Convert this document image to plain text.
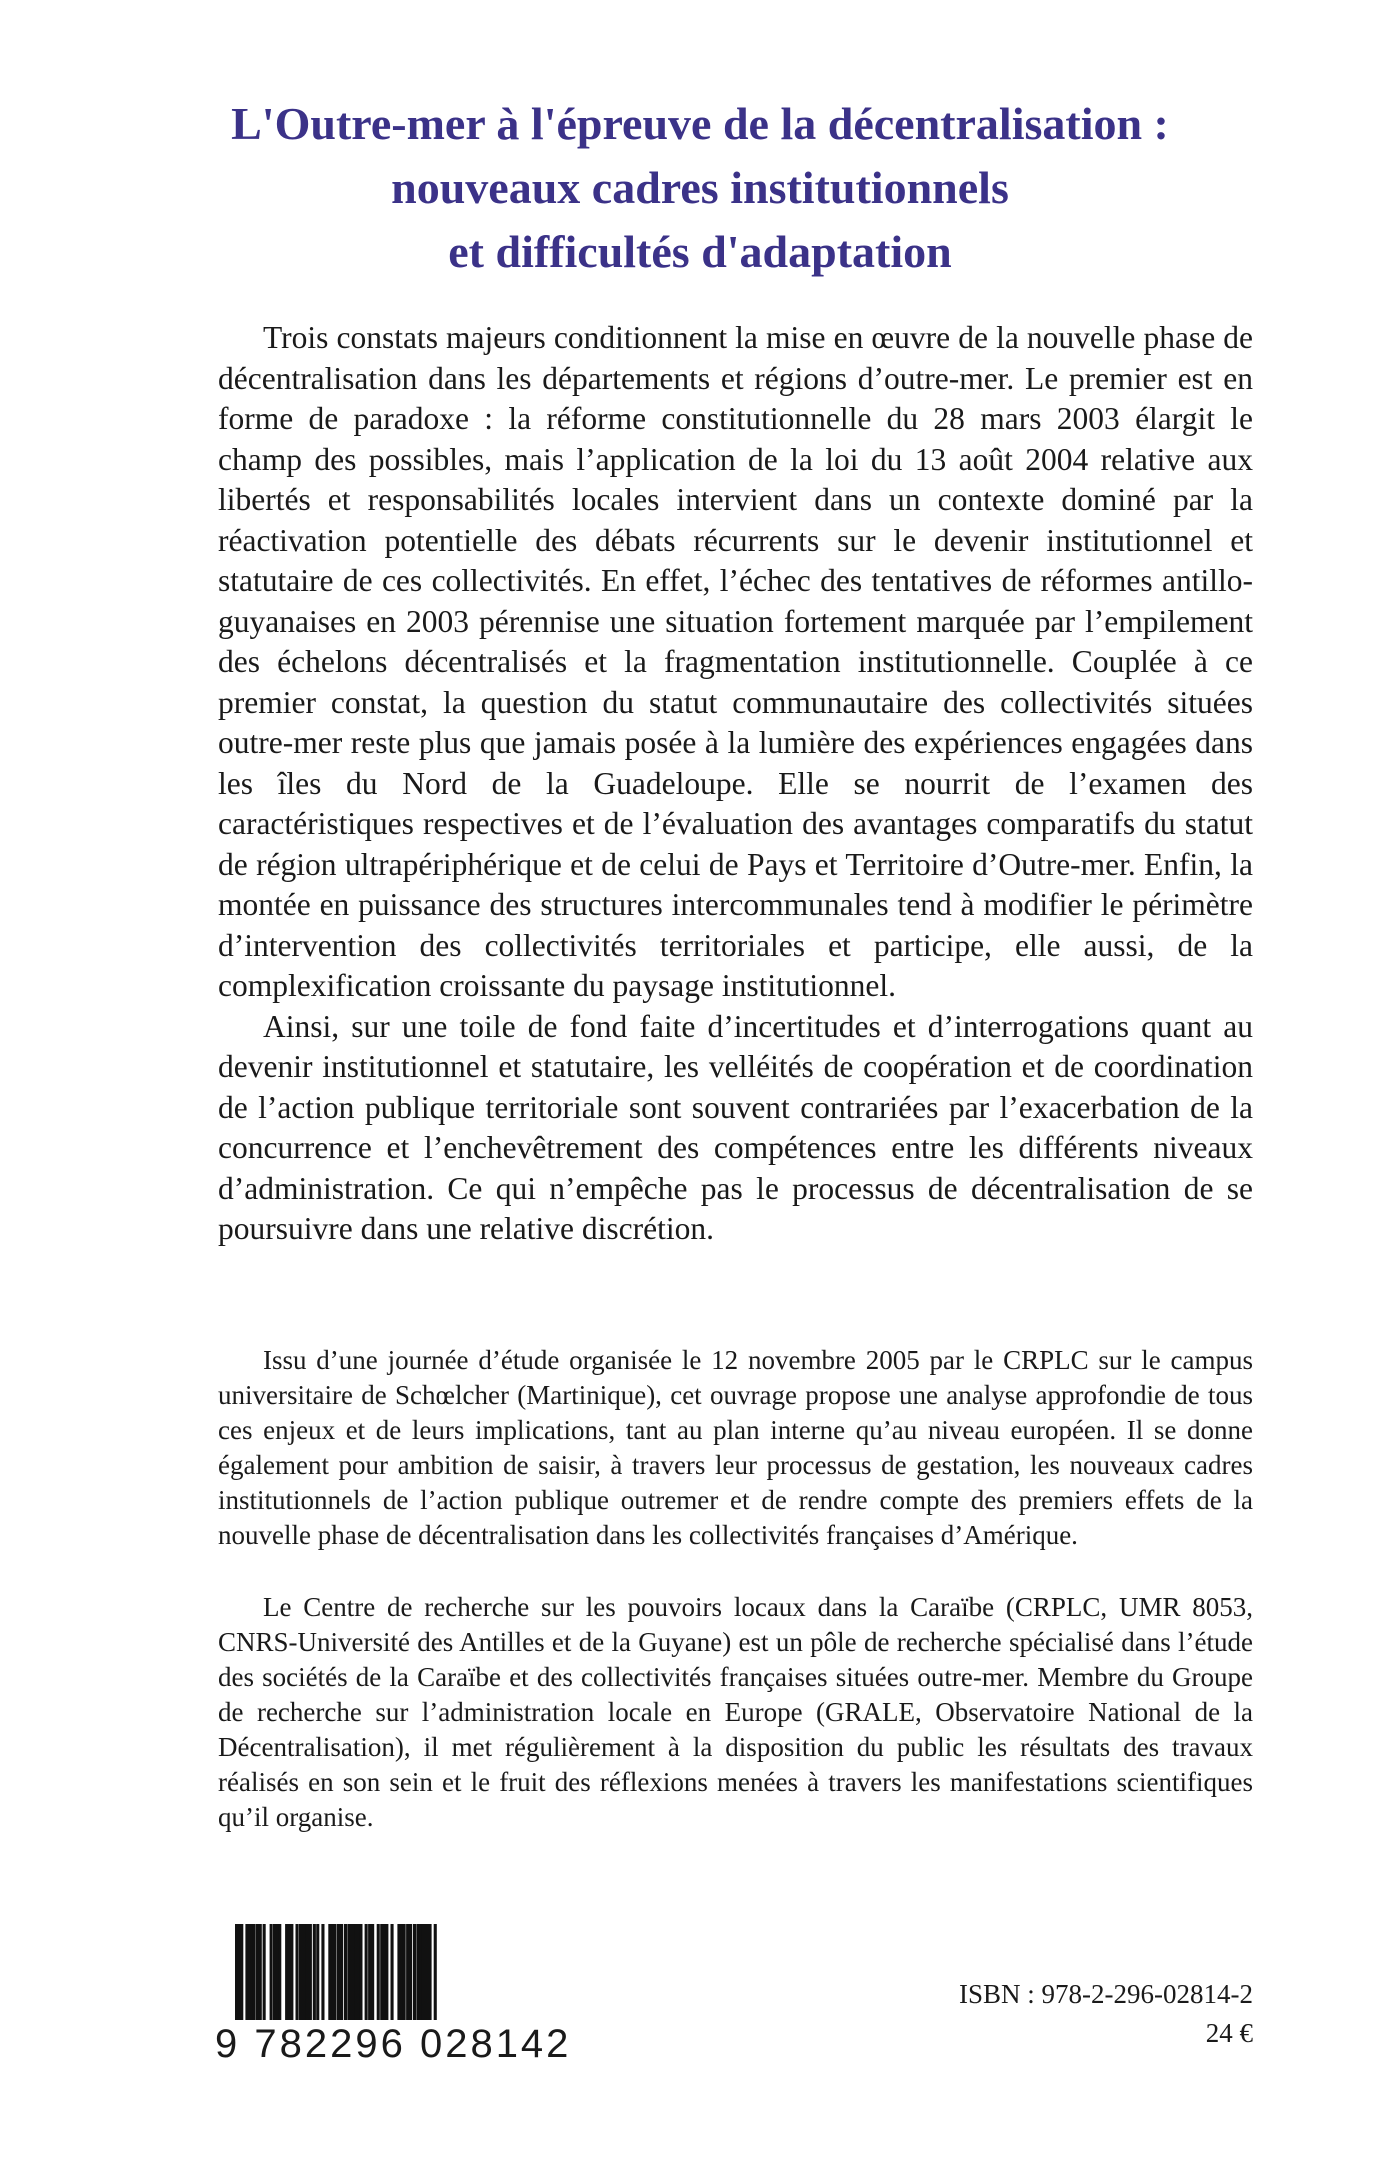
L'Outre-mer à l'épreuve de la décentralisation :
nouveaux cadres institutionnels
et difficultés d'adaptation

Trois constats majeurs conditionnent la mise en œuvre de la nouvelle phase de décentralisation dans les départements et régions d’outre-mer. Le premier est en forme de paradoxe : la réforme constitutionnelle du 28 mars 2003 élargit le champ des possibles, mais l’application de la loi du 13 août 2004 relative aux libertés et responsabilités locales intervient dans un contexte dominé par la réactivation potentielle des débats récurrents sur le devenir institutionnel et statutaire de ces collectivités. En effet, l’échec des tentatives de réformes antillo-guyanaises en 2003 pérennise une situation fortement marquée par l’empilement des échelons décentralisés et la fragmentation institutionnelle. Couplée à ce premier constat, la question du statut communautaire des collectivités situées outre-mer reste plus que jamais posée à la lumière des expériences engagées dans les îles du Nord de la Guadeloupe. Elle se nourrit de l’examen des caractéristiques respectives et de l’évaluation des avantages comparatifs du statut de région ultrapériphérique et de celui de Pays et Territoire d’Outre-mer. Enfin, la montée en puissance des structures intercommunales tend à modifier le périmètre d’intervention des collectivités territoriales et participe, elle aussi, de la complexification croissante du paysage institutionnel.

Ainsi, sur une toile de fond faite d’incertitudes et d’interrogations quant au devenir institutionnel et statutaire, les velléités de coopération et de coordination de l’action publique territoriale sont souvent contrariées par l’exacerbation de la concurrence et l’enchevêtrement des compétences entre les différents niveaux d’administration. Ce qui n’empêche pas le processus de décentralisation de se poursuivre dans une relative discrétion.

Issu d’une journée d’étude organisée le 12 novembre 2005 par le CRPLC sur le campus universitaire de Schœlcher (Martinique), cet ouvrage propose une analyse approfondie de tous ces enjeux et de leurs implications, tant au plan interne qu’au niveau européen. Il se donne également pour ambition de saisir, à travers leur processus de gestation, les nouveaux cadres institutionnels de l’action publique outremer et de rendre compte des premiers effets de la nouvelle phase de décentralisation dans les collectivités françaises d’Amérique.

Le Centre de recherche sur les pouvoirs locaux dans la Caraïbe (CRPLC, UMR 8053, CNRS-Université des Antilles et de la Guyane) est un pôle de recherche spécialisé dans l’étude des sociétés de la Caraïbe et des collectivités françaises situées outre-mer. Membre du Groupe de recherche sur l’administration locale en Europe (GRALE, Observatoire National de la Décentralisation), il met régulièrement à la disposition du public les résultats des travaux réalisés en son sein et le fruit des réflexions menées à travers les manifestations scientifiques qu’il organise.

9 782296 028142
ISBN : 978-2-296-02814-2
24 €
